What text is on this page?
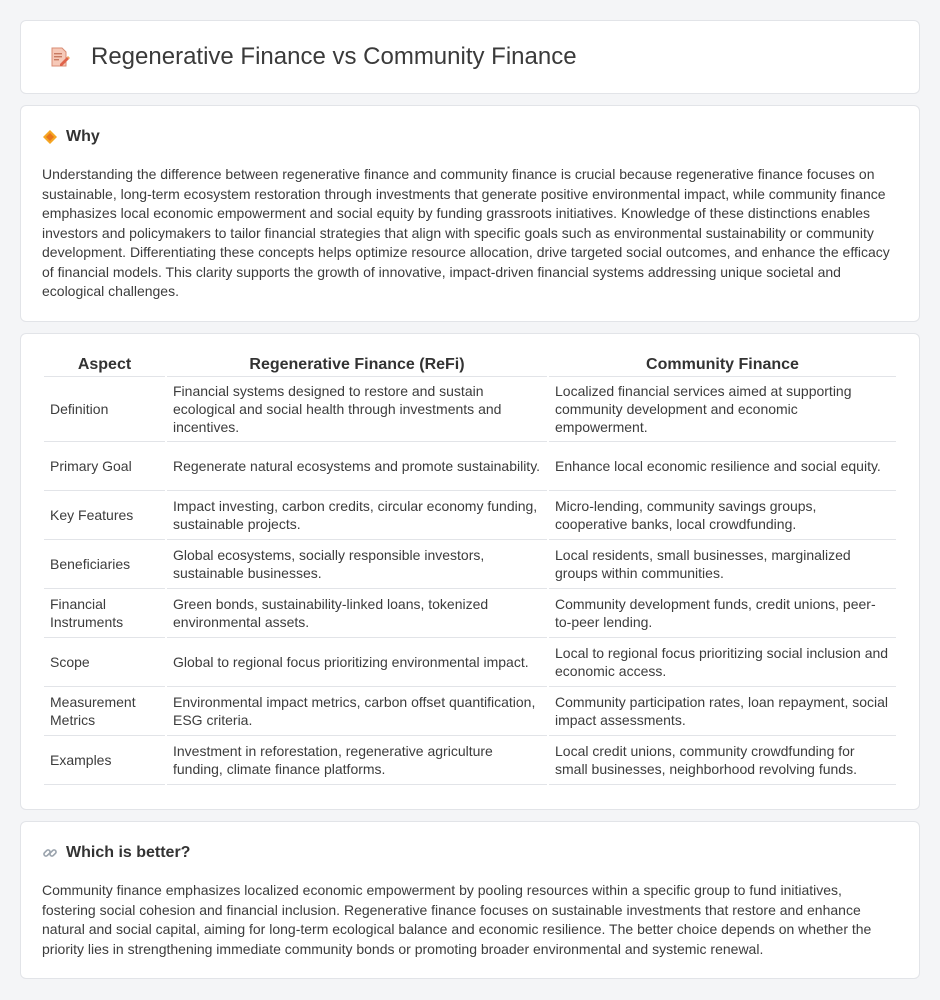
Regenerative Finance vs Community Finance
Why

Understanding the difference between regenerative finance and community finance is crucial because regenerative finance focuses on sustainable, long-term ecosystem restoration through investments that generate positive environmental impact, while community finance emphasizes local economic empowerment and social equity by funding grassroots initiatives. Knowledge of these distinctions enables investors and policymakers to tailor financial strategies that align with specific goals such as environmental sustainability or community development. Differentiating these concepts helps optimize resource allocation, drive targeted social outcomes, and enhance the efficacy of financial models. This clarity supports the growth of innovative, impact-driven financial systems addressing unique societal and ecological challenges.

Aspect	Regenerative Finance (ReFi)	Community Finance
Definition	Financial systems designed to restore and sustain ecological and social health through investments and incentives.	Localized financial services aimed at supporting community development and economic empowerment.
Primary Goal	Regenerate natural ecosystems and promote sustainability.	Enhance local economic resilience and social equity.
Key Features	Impact investing, carbon credits, circular economy funding, sustainable projects.	Micro-lending, community savings groups, cooperative banks, local crowdfunding.
Beneficiaries	Global ecosystems, socially responsible investors, sustainable businesses.	Local residents, small businesses, marginalized groups within communities.
Financial Instruments	Green bonds, sustainability-linked loans, tokenized environmental assets.	Community development funds, credit unions, peer-to-peer lending.
Scope	Global to regional focus prioritizing environmental impact.	Local to regional focus prioritizing social inclusion and economic access.
Measurement Metrics	Environmental impact metrics, carbon offset quantification, ESG criteria.	Community participation rates, loan repayment, social impact assessments.
Examples	Investment in reforestation, regenerative agriculture funding, climate finance platforms.	Local credit unions, community crowdfunding for small businesses, neighborhood revolving funds.
Which is better?

Community finance emphasizes localized economic empowerment by pooling resources within a specific group to fund initiatives, fostering social cohesion and financial inclusion. Regenerative finance focuses on sustainable investments that restore and enhance natural and social capital, aiming for long-term ecological balance and economic resilience. The better choice depends on whether the priority lies in strengthening immediate community bonds or promoting broader environmental and systemic renewal.
